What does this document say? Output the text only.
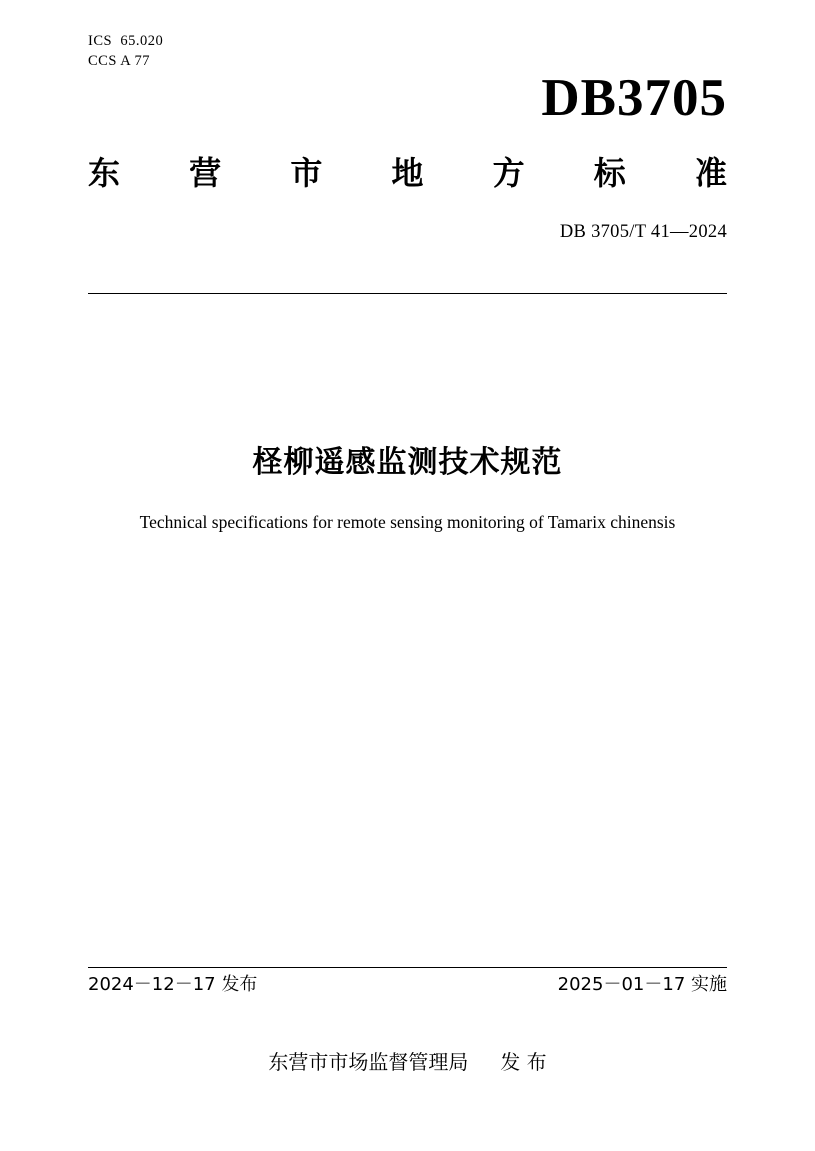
ICS  65.020
CCS A 77
DB3705
东 营 市 地 方 标 准
DB 3705/T 41—2024
柽柳遥感监测技术规范
Technical specifications for remote sensing monitoring of Tamarix chinensis
2024－12－17 发布	2025－01－17 实施
东营市市场监督管理局     发 布
